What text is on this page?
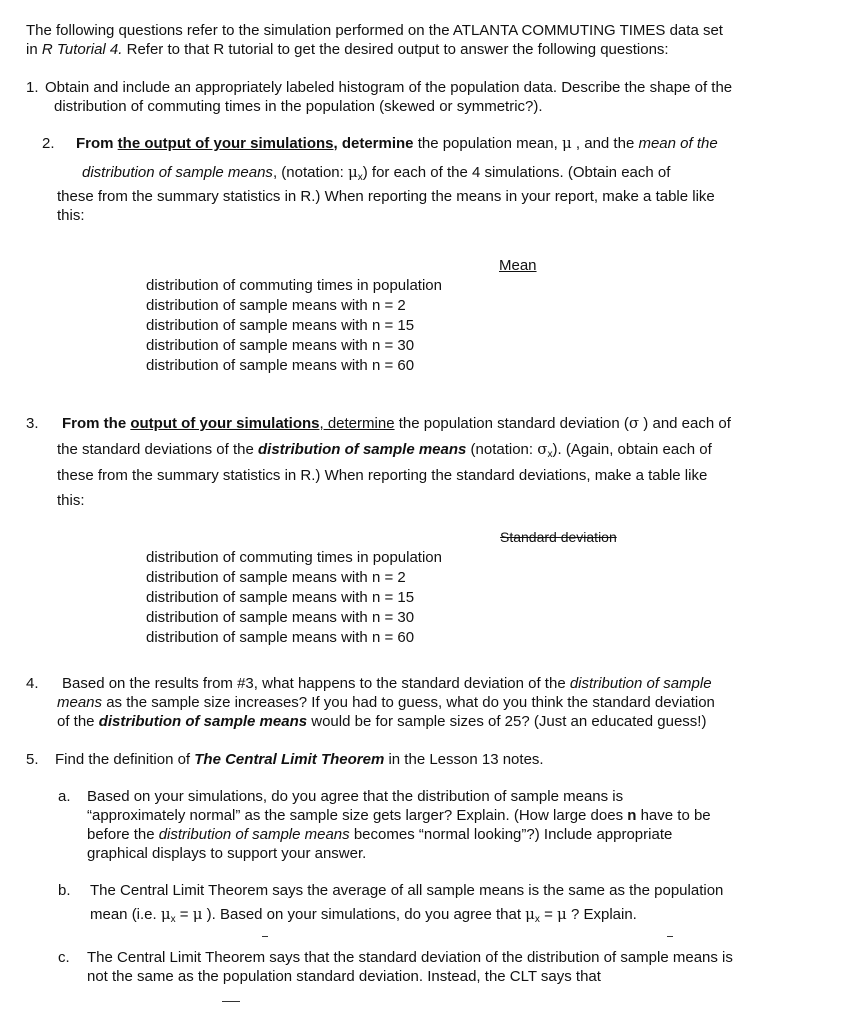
The following questions refer to the simulation performed on the ATLANTA COMMUTING TIMES data set
in R Tutorial 4. Refer to that R tutorial to get the desired output to answer the following questions:
1. Obtain and include an appropriately labeled histogram of the population data. Describe the shape of the
distribution of commuting times in the population (skewed or symmetric?).
2. From the output of your simulations, determine the population mean, μ , and the mean of the
distribution of sample means, (notation: $\mu_x$) for each of the 4 simulations. (Obtain each of
these from the summary statistics in R.) When reporting the means in your report, make a table like
this:
Mean
distribution of commuting times in population
distribution of sample means with n = 2
distribution of sample means with n = 15
distribution of sample means with n = 30
distribution of sample means with n = 60
3. From the output of your simulations, determine the population standard deviation (σ ) and each of
the standard deviations of the distribution of sample means (notation: $\sigma_x$). (Again, obtain each of
these from the summary statistics in R.) When reporting the standard deviations, make a table like
this:
Standard deviation
distribution of commuting times in population
distribution of sample means with n = 2
distribution of sample means with n = 15
distribution of sample means with n = 30
distribution of sample means with n = 60
4. Based on the results from #3, what happens to the standard deviation of the distribution of sample
means as the sample size increases? If you had to guess, what do you think the standard deviation
of the distribution of sample means would be for sample sizes of 25? (Just an educated guess!)
5. Find the definition of The Central Limit Theorem in the Lesson 13 notes.
a. Based on your simulations, do you agree that the distribution of sample means is
“approximately normal” as the sample size gets larger? Explain. (How large does n have to be
before the distribution of sample means becomes “normal looking”?) Include appropriate
graphical displays to support your answer.
b. The Central Limit Theorem says the average of all sample means is the same as the population
mean (i.e. $\mu_x = \mu$ ). Based on your simulations, do you agree that $\mu_x = \mu$ ? Explain.
c. The Central Limit Theorem says that the standard deviation of the distribution of sample means is
not the same as the population standard deviation. Instead, the CLT says that
